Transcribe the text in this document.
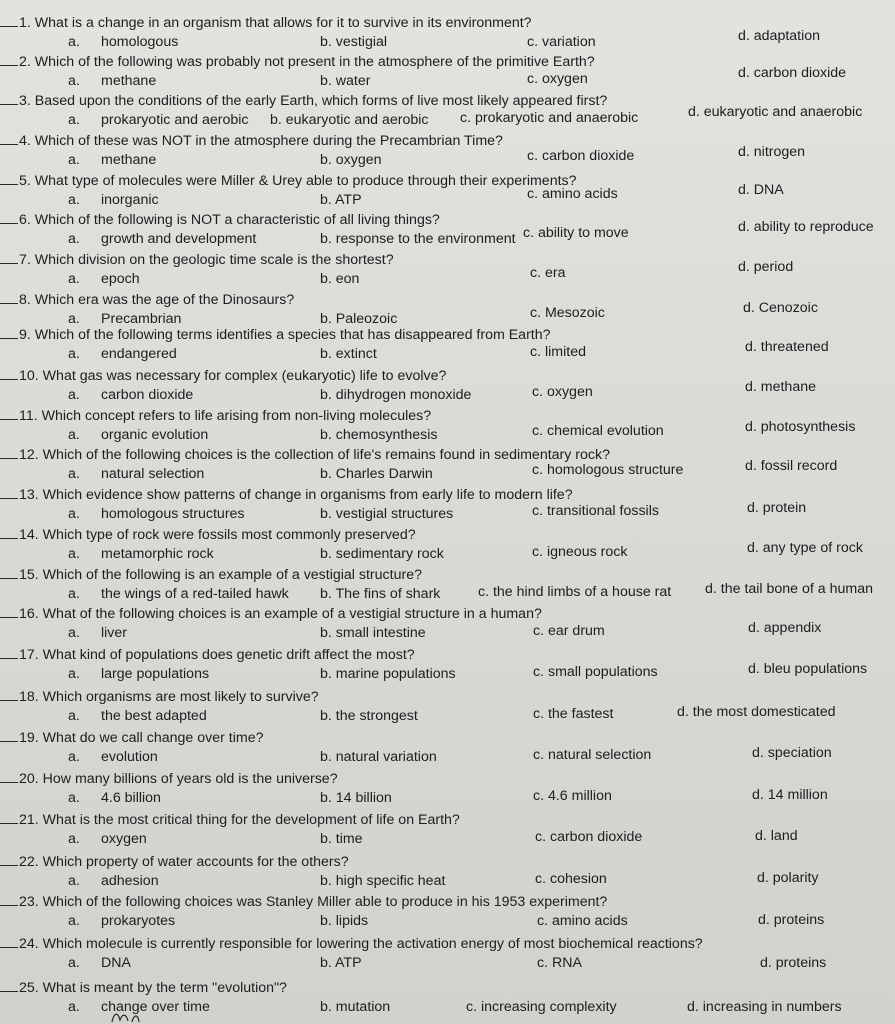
1. What is a change in an organism that allows for it to survive in its environment?
a. homologous	b. vestigial	c. variation	d. adaptation
2. Which of the following was probably not present in the atmosphere of the primitive Earth?
a. methane	b. water	c. oxygen	d. carbon dioxide
3. Based upon the conditions of the early Earth, which forms of live most likely appeared first?
a. prokaryotic and aerobic b. eukaryotic and aerobic c. prokaryotic and anaerobic	d. eukaryotic and anaerobic
4. Which of these was NOT in the atmosphere during the Precambrian Time?
a. methane	b. oxygen	c. carbon dioxide	d. nitrogen
5. What type of molecules were Miller & Urey able to produce through their experiments?
a. inorganic	b. ATP	c. amino acids	d. DNA
6. Which of the following is NOT a characteristic of all living things?
a. growth and development	b. response to the environment c. ability to move	d. ability to reproduce
7. Which division on the geologic time scale is the shortest?
a. epoch	b. eon	c. era	d. period
8. Which era was the age of the Dinosaurs?
a. Precambrian	b. Paleozoic	c. Mesozoic	d. Cenozoic
9. Which of the following terms identifies a species that has disappeared from Earth?
a. endangered	b. extinct	c. limited	d. threatened
10. What gas was necessary for complex (eukaryotic) life to evolve?
a. carbon dioxide	b. dihydrogen monoxide	c. oxygen	d. methane
11. Which concept refers to life arising from non-living molecules?
a. organic evolution	b. chemosynthesis	c. chemical evolution	d. photosynthesis
12. Which of the following choices is the collection of life's remains found in sedimentary rock?
a. natural selection	b. Charles Darwin	c. homologous structure	d. fossil record
13. Which evidence show patterns of change in organisms from early life to modern life?
a. homologous structures	b. vestigial structures	c. transitional fossils	d. protein
14. Which type of rock were fossils most commonly preserved?
a. metamorphic rock	b. sedimentary rock	c. igneous rock	d. any type of rock
15. Which of the following is an example of a vestigial structure?
a. the wings of a red-tailed hawk b. The fins of shark	c. the hind limbs of a house rat d. the tail bone of a human
16. What of the following choices is an example of a vestigial structure in a human?
a. liver	b. small intestine	c. ear drum	d. appendix
17. What kind of populations does genetic drift affect the most?
a. large populations	b. marine populations	c. small populations	d. bleu populations
18. Which organisms are most likely to survive?
a. the best adapted	b. the strongest	c. the fastest	d. the most domesticated
19. What do we call change over time?
a. evolution	b. natural variation	c. natural selection	d. speciation
20. How many billions of years old is the universe?
a. 4.6 billion	b. 14 billion	c. 4.6 million	d. 14 million
21. What is the most critical thing for the development of life on Earth?
a. oxygen	b. time	c. carbon dioxide	d. land
22. Which property of water accounts for the others?
a. adhesion	b. high specific heat	c. cohesion	d. polarity
23. Which of the following choices was Stanley Miller able to produce in his 1953 experiment?
a. prokaryotes	b. lipids	c. amino acids	d. proteins
24. Which molecule is currently responsible for lowering the activation energy of most biochemical reactions?
a. DNA	b. ATP	c. RNA	d. proteins
25. What is meant by the term "evolution"?
a. change over time	b. mutation	c. increasing complexity	d. increasing in numbers
